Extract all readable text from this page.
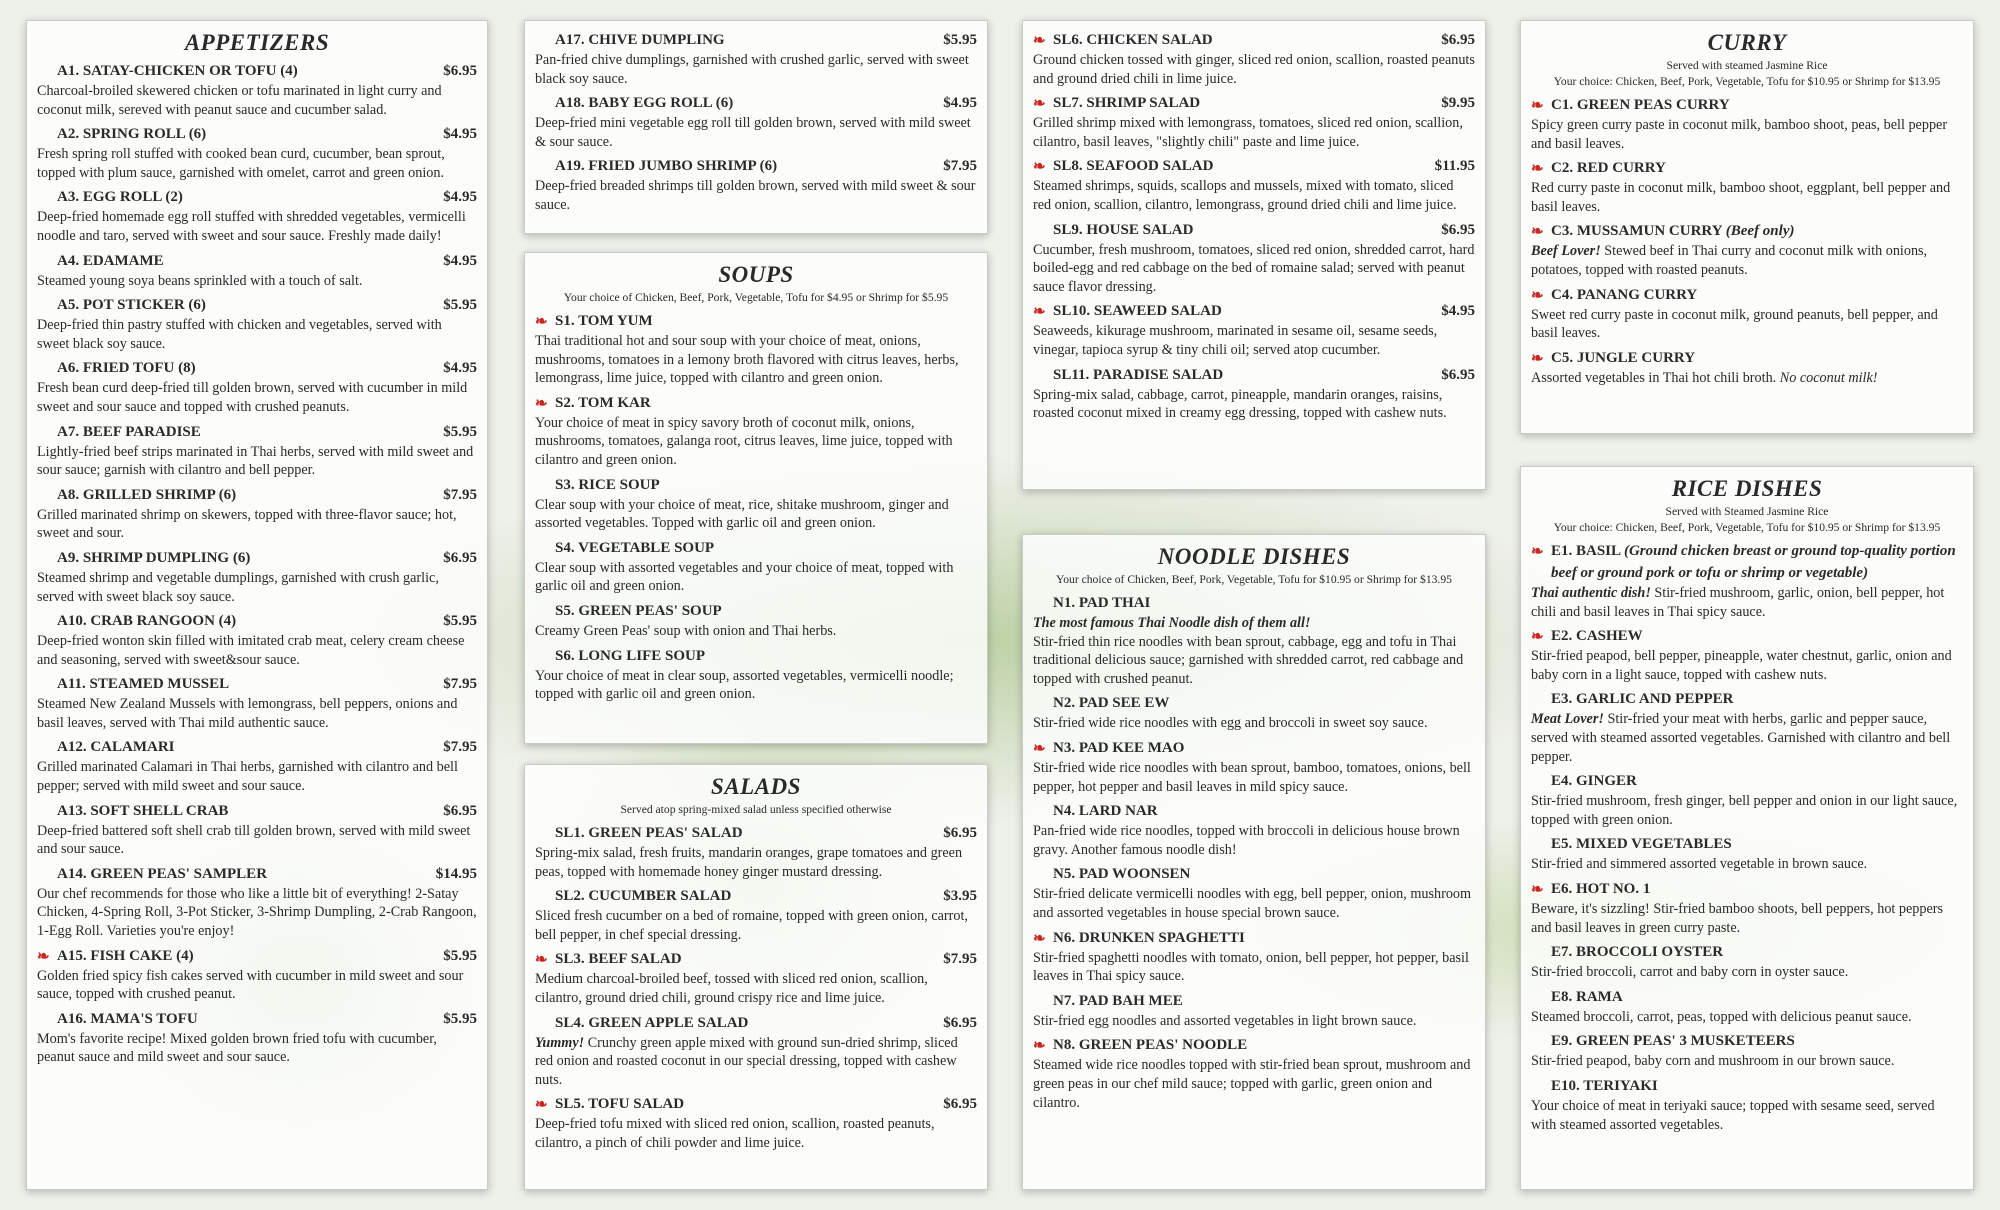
APPETIZERS
A1. SATAY-CHICKEN OR TOFU (4)	$6.95
Charcoal-broiled skewered chicken or tofu marinated in light curry and coconut milk, sereved with peanut sauce and cucumber salad.
A2. SPRING ROLL (6)	$4.95
Fresh spring roll stuffed with cooked bean curd, cucumber, bean sprout, topped with plum sauce, garnished with omelet, carrot and green onion.
A3. EGG ROLL (2)	$4.95
Deep-fried homemade egg roll stuffed with shredded vegetables, vermicelli noodle and taro, served with sweet and sour sauce. Freshly made daily!
A4. EDAMAME	$4.95
Steamed young soya beans sprinkled with a touch of salt.
A5. POT STICKER (6)	$5.95
Deep-fried thin pastry stuffed with chicken and vegetables, served with sweet black soy sauce.
A6. FRIED TOFU (8)	$4.95
Fresh bean curd deep-fried till golden brown, served with cucumber in mild sweet and sour sauce and topped with crushed peanuts.
A7. BEEF PARADISE	$5.95
Lightly-fried beef strips marinated in Thai herbs, served with mild sweet and sour sauce; garnish with cilantro and bell pepper.
A8. GRILLED SHRIMP (6)	$7.95
Grilled marinated shrimp on skewers, topped with three-flavor sauce; hot, sweet and sour.
A9. SHRIMP DUMPLING (6)	$6.95
Steamed shrimp and vegetable dumplings, garnished with crush garlic, served with sweet black soy sauce.
A10. CRAB RANGOON (4)	$5.95
Deep-fried wonton skin filled with imitated crab meat, celery cream cheese and seasoning, served with sweet&sour sauce.
A11. STEAMED MUSSEL	$7.95
Steamed New Zealand Mussels with lemongrass, bell peppers, onions and basil leaves, served with Thai mild authentic sauce.
A12. CALAMARI	$7.95
Grilled marinated Calamari in Thai herbs, garnished with cilantro and bell pepper; served with mild sweet and sour sauce.
A13. SOFT SHELL CRAB	$6.95
Deep-fried battered soft shell crab till golden brown, served with mild sweet and sour sauce.
A14. GREEN PEAS' SAMPLER	$14.95
Our chef recommends for those who like a little bit of everything! 2-Satay Chicken, 4-Spring Roll, 3-Pot Sticker, 3-Shrimp Dumpling, 2-Crab Rangoon, 1-Egg Roll. Varieties you're enjoy!
❧ A15. FISH CAKE (4)	$5.95
Golden fried spicy fish cakes served with cucumber in mild sweet and sour sauce, topped with crushed peanut.
A16. MAMA'S TOFU	$5.95
Mom's favorite recipe! Mixed golden brown fried tofu with cucumber, peanut sauce and mild sweet and sour sauce.
A17. CHIVE DUMPLING	$5.95
Pan-fried chive dumplings, garnished with crushed garlic, served with sweet black soy sauce.
A18. BABY EGG ROLL (6)	$4.95
Deep-fried mini vegetable egg roll till golden brown, served with mild sweet & sour sauce.
A19. FRIED JUMBO SHRIMP (6)	$7.95
Deep-fried breaded shrimps till golden brown, served with mild sweet & sour sauce.
SOUPS
Your choice of Chicken, Beef, Pork, Vegetable, Tofu for $4.95 or Shrimp for $5.95
❧ S1. TOM YUM
Thai traditional hot and sour soup with your choice of meat, onions, mushrooms, tomatoes in a lemony broth flavored with citrus leaves, herbs, lemongrass, lime juice, topped with cilantro and green onion.
❧ S2. TOM KAR
Your choice of meat in spicy savory broth of coconut milk, onions, mushrooms, tomatoes, galanga root, citrus leaves, lime juice, topped with cilantro and green onion.
S3. RICE SOUP
Clear soup with your choice of meat, rice, shitake mushroom, ginger and assorted vegetables. Topped with garlic oil and green onion.
S4. VEGETABLE SOUP
Clear soup with assorted vegetables and your choice of meat, topped with garlic oil and green onion.
S5. GREEN PEAS' SOUP
Creamy Green Peas' soup with onion and Thai herbs.
S6. LONG LIFE SOUP
Your choice of meat in clear soup, assorted vegetables, vermicelli noodle; topped with garlic oil and green onion.
SALADS
Served atop spring-mixed salad unless specified otherwise
SL1. GREEN PEAS' SALAD	$6.95
Spring-mix salad, fresh fruits, mandarin oranges, grape tomatoes and green peas, topped with homemade honey ginger mustard dressing.
SL2. CUCUMBER SALAD	$3.95
Sliced fresh cucumber on a bed of romaine, topped with green onion, carrot, bell pepper, in chef special dressing.
❧ SL3. BEEF SALAD	$7.95
Medium charcoal-broiled beef, tossed with sliced red onion, scallion, cilantro, ground dried chili, ground crispy rice and lime juice.
SL4. GREEN APPLE SALAD	$6.95
Yummy! Crunchy green apple mixed with ground sun-dried shrimp, sliced red onion and roasted coconut in our special dressing, topped with cashew nuts.
❧ SL5. TOFU SALAD	$6.95
Deep-fried tofu mixed with sliced red onion, scallion, roasted peanuts, cilantro, a pinch of chili powder and lime juice.
❧ SL6. CHICKEN SALAD	$6.95
Ground chicken tossed with ginger, sliced red onion, scallion, roasted peanuts and ground dried chili in lime juice.
❧ SL7. SHRIMP SALAD	$9.95
Grilled shrimp mixed with lemongrass, tomatoes, sliced red onion, scallion, cilantro, basil leaves, "slightly chili" paste and lime juice.
❧ SL8. SEAFOOD SALAD	$11.95
Steamed shrimps, squids, scallops and mussels, mixed with tomato, sliced red onion, scallion, cilantro, lemongrass, ground dried chili and lime juice.
SL9. HOUSE SALAD	$6.95
Cucumber, fresh mushroom, tomatoes, sliced red onion, shredded carrot, hard boiled-egg and red cabbage on the bed of romaine salad; served with peanut sauce flavor dressing.
❧ SL10. SEAWEED SALAD	$4.95
Seaweeds, kikurage mushroom, marinated in sesame oil, sesame seeds, vinegar, tapioca syrup & tiny chili oil; served atop cucumber.
SL11. PARADISE SALAD	$6.95
Spring-mix salad, cabbage, carrot, pineapple, mandarin oranges, raisins, roasted coconut mixed in creamy egg dressing, topped with cashew nuts.
NOODLE DISHES
Your choice of Chicken, Beef, Pork, Vegetable, Tofu for $10.95 or Shrimp for $13.95
N1. PAD THAI
The most famous Thai Noodle dish of them all!
Stir-fried thin rice noodles with bean sprout, cabbage, egg and tofu in Thai traditional delicious sauce; garnished with shredded carrot, red cabbage and topped with crushed peanut.
N2. PAD SEE EW
Stir-fried wide rice noodles with egg and broccoli in sweet soy sauce.
❧ N3. PAD KEE MAO
Stir-fried wide rice noodles with bean sprout, bamboo, tomatoes, onions, bell pepper, hot pepper and basil leaves in mild spicy sauce.
N4. LARD NAR
Pan-fried wide rice noodles, topped with broccoli in delicious house brown gravy. Another famous noodle dish!
N5. PAD WOONSEN
Stir-fried delicate vermicelli noodles with egg, bell pepper, onion, mushroom and assorted vegetables in house special brown sauce.
❧ N6. DRUNKEN SPAGHETTI
Stir-fried spaghetti noodles with tomato, onion, bell pepper, hot pepper, basil leaves in Thai spicy sauce.
N7. PAD BAH MEE
Stir-fried egg noodles and assorted vegetables in light brown sauce.
❧ N8. GREEN PEAS' NOODLE
Steamed wide rice noodles topped with stir-fried bean sprout, mushroom and green peas in our chef mild sauce; topped with garlic, green onion and cilantro.
CURRY
Served with steamed Jasmine Rice
Your choice: Chicken, Beef, Pork, Vegetable, Tofu for $10.95 or Shrimp for $13.95
❧ C1. GREEN PEAS CURRY
Spicy green curry paste in coconut milk, bamboo shoot, peas, bell pepper and basil leaves.
❧ C2. RED CURRY
Red curry paste in coconut milk, bamboo shoot, eggplant, bell pepper and basil leaves.
❧ C3. MUSSAMUN CURRY (Beef only)
Beef Lover! Stewed beef in Thai curry and coconut milk with onions, potatoes, topped with roasted peanuts.
❧ C4. PANANG CURRY
Sweet red curry paste in coconut milk, ground peanuts, bell pepper, and basil leaves.
❧ C5. JUNGLE CURRY
Assorted vegetables in Thai hot chili broth. No coconut milk!
RICE DISHES
Served with Steamed Jasmine Rice
Your choice: Chicken, Beef, Pork, Vegetable, Tofu for $10.95 or Shrimp for $13.95
❧ E1. BASIL (Ground chicken breast or ground top-quality portion beef or ground pork or tofu or shrimp or vegetable)
Thai authentic dish! Stir-fried mushroom, garlic, onion, bell pepper, hot chili and basil leaves in Thai spicy sauce.
❧ E2. CASHEW
Stir-fried peapod, bell pepper, pineapple, water chestnut, garlic, onion and baby corn in a light sauce, topped with cashew nuts.
E3. GARLIC AND PEPPER
Meat Lover! Stir-fried your meat with herbs, garlic and pepper sauce, served with steamed assorted vegetables. Garnished with cilantro and bell pepper.
E4. GINGER
Stir-fried mushroom, fresh ginger, bell pepper and onion in our light sauce, topped with green onion.
E5. MIXED VEGETABLES
Stir-fried and simmered assorted vegetable in brown sauce.
❧ E6. HOT NO. 1
Beware, it's sizzling! Stir-fried bamboo shoots, bell peppers, hot peppers and basil leaves in green curry paste.
E7. BROCCOLI OYSTER
Stir-fried broccoli, carrot and baby corn in oyster sauce.
E8. RAMA
Steamed broccoli, carrot, peas, topped with delicious peanut sauce.
E9. GREEN PEAS' 3 MUSKETEERS
Stir-fried peapod, baby corn and mushroom in our brown sauce.
E10. TERIYAKI
Your choice of meat in teriyaki sauce; topped with sesame seed, served with steamed assorted vegetables.
